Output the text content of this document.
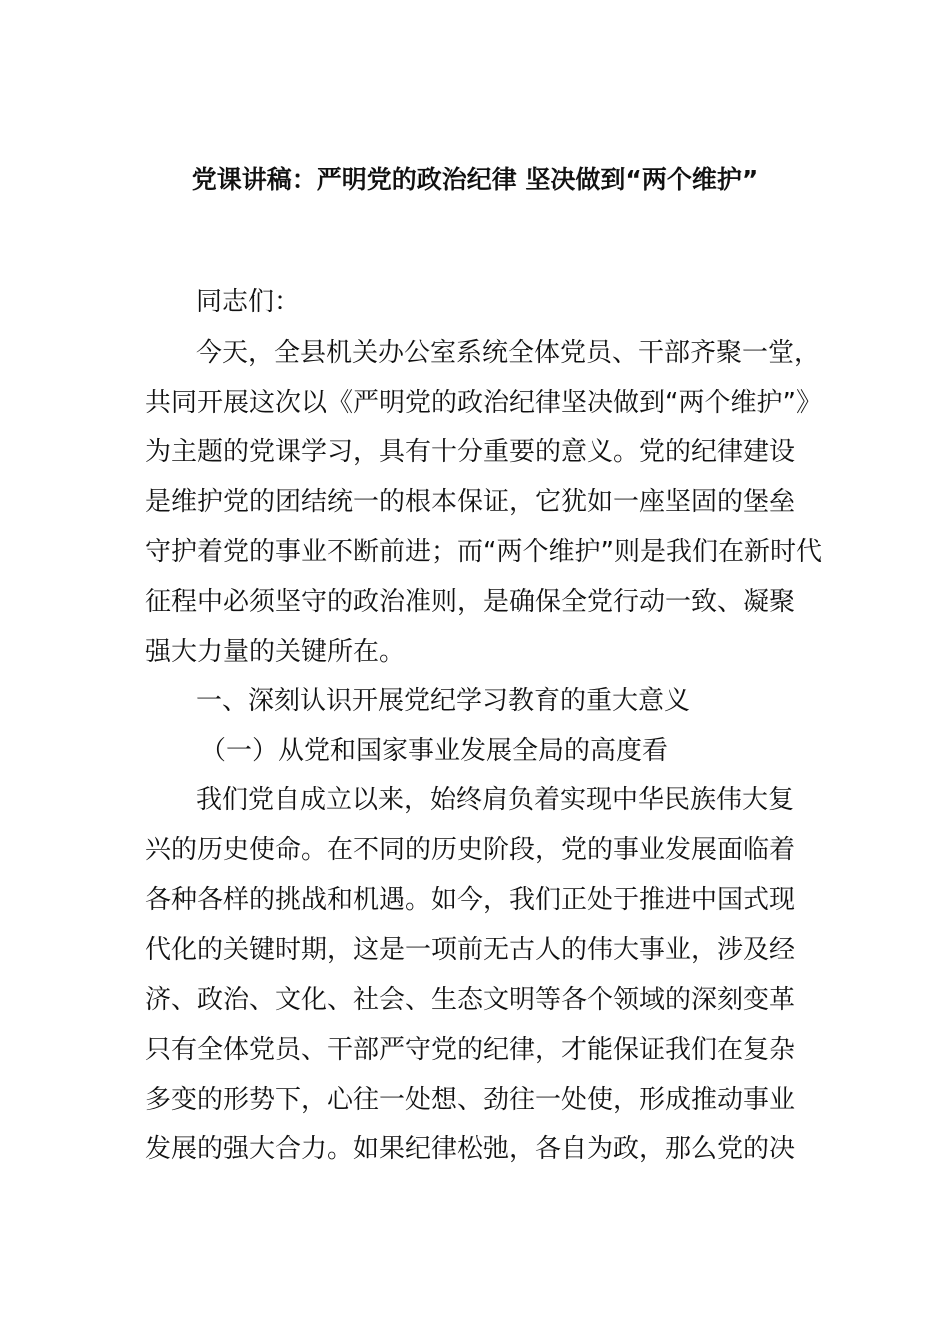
党课讲稿：严明党的政治纪律 坚决做到“两个维护”
同志们：
今天，全县机关办公室系统全体党员、干部齐聚一堂，
共同开展这次以《严明党的政治纪律坚决做到“两个维护”》
为主题的党课学习，具有十分重要的意义。党的纪律建设
是维护党的团结统一的根本保证，它犹如一座坚固的堡垒
守护着党的事业不断前进；而“两个维护”则是我们在新时代
征程中必须坚守的政治准则，是确保全党行动一致、凝聚
强大力量的关键所在。
一、深刻认识开展党纪学习教育的重大意义
（一）从党和国家事业发展全局的高度看
我们党自成立以来，始终肩负着实现中华民族伟大复
兴的历史使命。在不同的历史阶段，党的事业发展面临着
各种各样的挑战和机遇。如今，我们正处于推进中国式现
代化的关键时期，这是一项前无古人的伟大事业，涉及经
济、政治、文化、社会、生态文明等各个领域的深刻变革
只有全体党员、干部严守党的纪律，才能保证我们在复杂
多变的形势下，心往一处想、劲往一处使，形成推动事业
发展的强大合力。如果纪律松弛，各自为政，那么党的决
